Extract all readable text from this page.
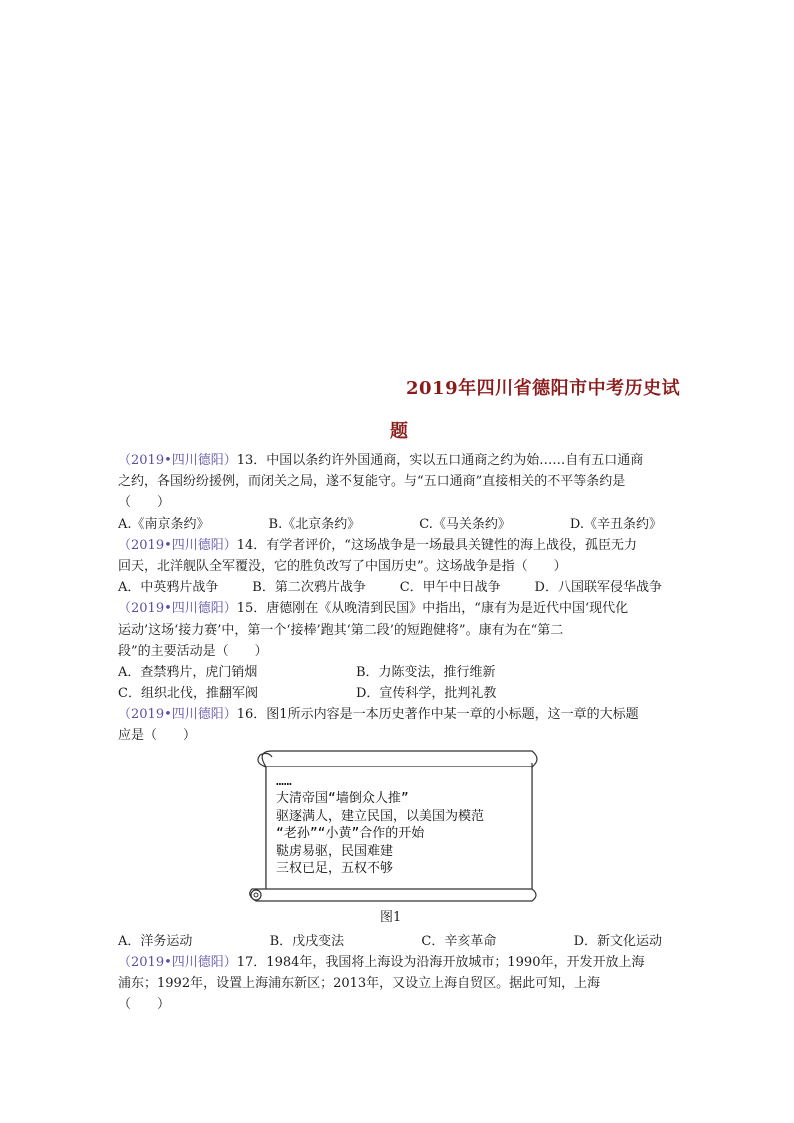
2019年四川省德阳市中考历史试
题
（2019•四川德阳）13．中国以条约许外国通商，实以五口通商之约为始……自有五口通商
之约，各国纷纷援例，而闭关之局，遂不复能守。与“五口通商”直接相关的不平等条约是
（　　）
A.《南京条约》	B.《北京条约》	C.《马关条约》	D.《辛丑条约》
（2019•四川德阳）14．有学者评价，“这场战争是一场最具关键性的海上战役，孤臣无力
回天，北洋舰队全军覆没，它的胜负改写了中国历史”。这场战争是指（　　）
A．中英鸦片战争	B．第二次鸦片战争	C．甲午中日战争	D．八国联军侵华战争
（2019•四川德阳）15．唐德刚在《从晚清到民国》中指出，“康有为是近代中国‘现代化
运动’这场‘接力赛’中，第一个‘接棒’跑其‘第二段’的短跑健将”。康有为在“第二
段”的主要活动是（　　）
A．查禁鸦片，虎门销烟	B．力陈变法，推行维新
C．组织北伐，推翻军阀	D．宣传科学，批判礼教
（2019•四川德阳）16．图1所示内容是一本历史著作中某一章的小标题，这一章的大标题
应是（　　）
……
大清帝国“墙倒众人推”
驱逐满人，建立民国，以美国为模范
“老孙”“小黄”合作的开始
鞑虏易驱，民国难建
三权已足，五权不够
图1
A．洋务运动	B．戊戌变法	C．辛亥革命	D．新文化运动
（2019•四川德阳）17．1984年，我国将上海设为沿海开放城市；1990年，开发开放上海
浦东；1992年，设置上海浦东新区；2013年，又设立上海自贸区。据此可知，上海
（　　）
